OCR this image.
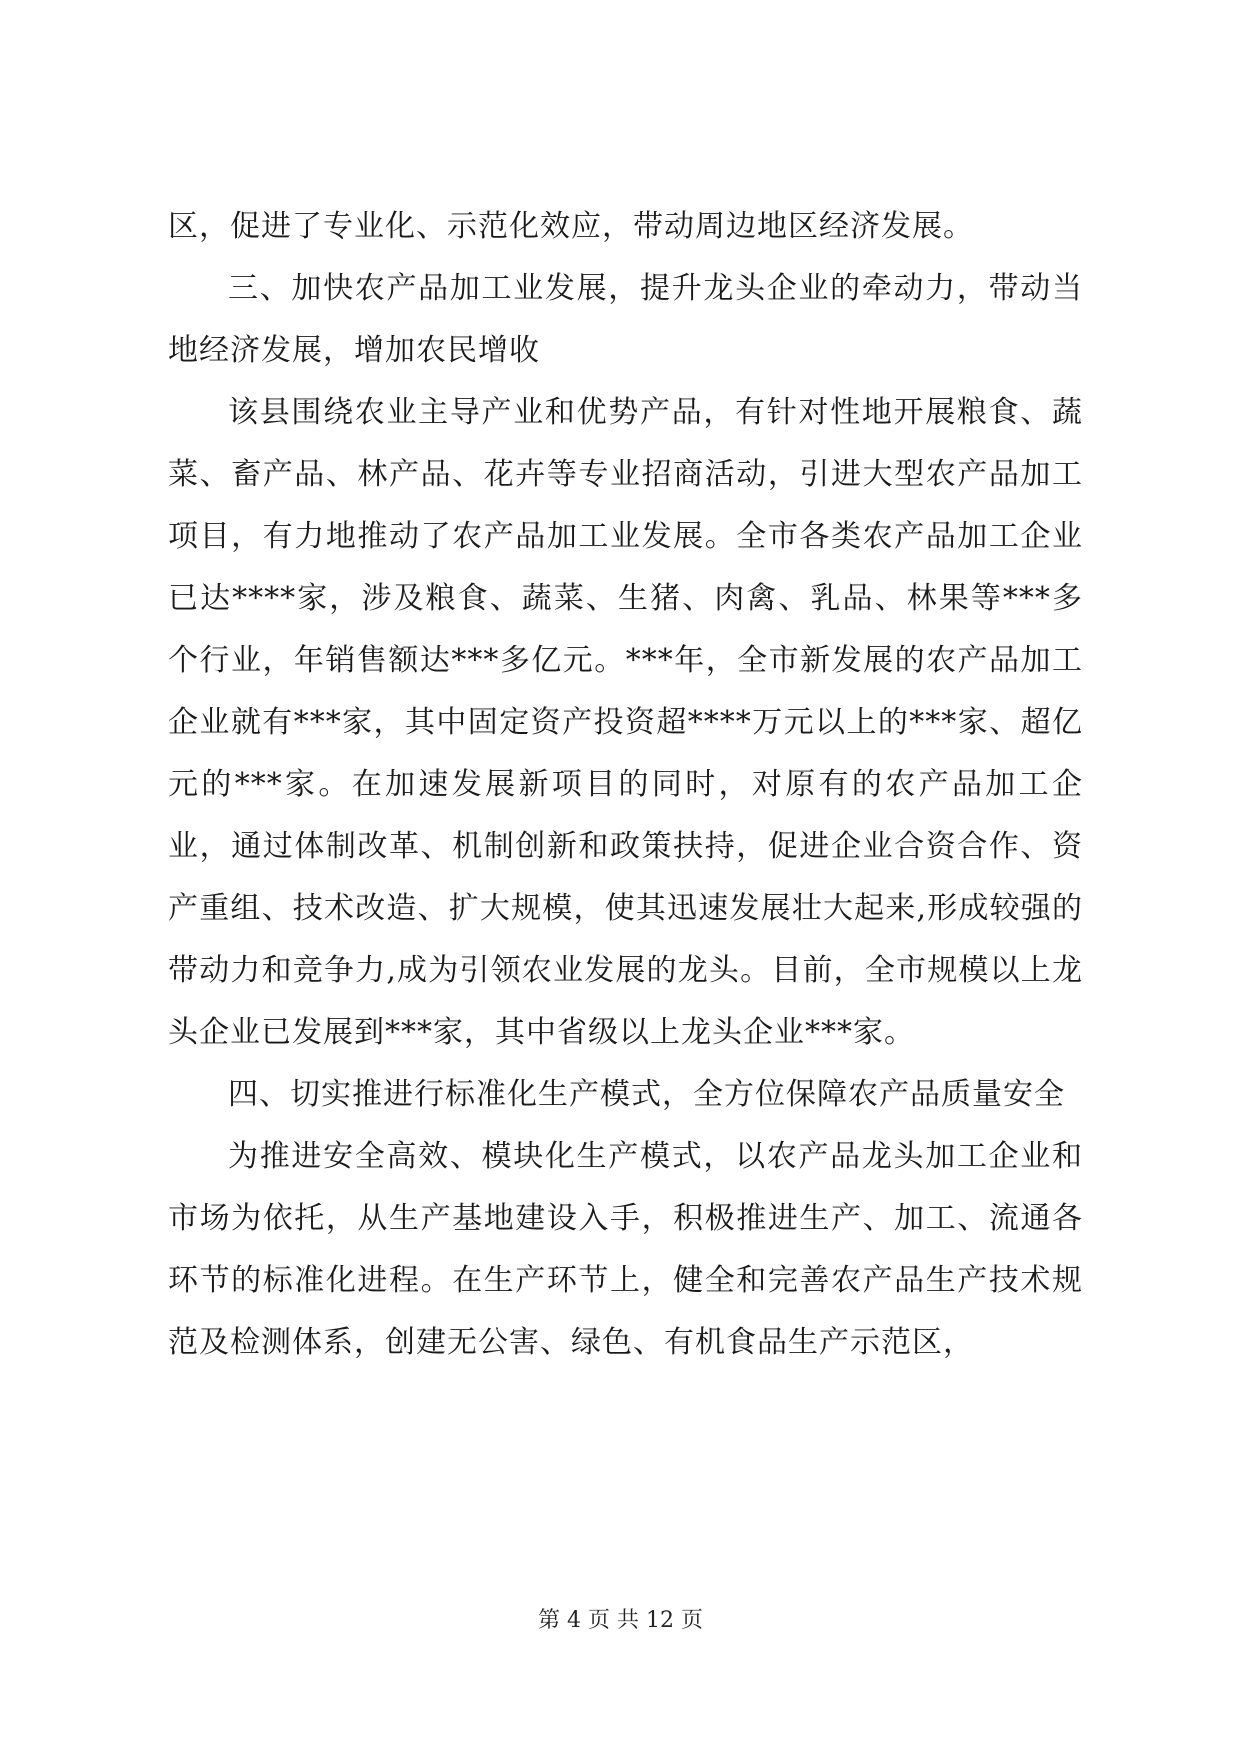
区，促进了专业化、示范化效应，带动周边地区经济发展。

三、加快农产品加工业发展，提升龙头企业的牵动力，带动当地经济发展，增加农民增收

该县围绕农业主导产业和优势产品，有针对性地开展粮食、蔬菜、畜产品、林产品、花卉等专业招商活动，引进大型农产品加工项目，有力地推动了农产品加工业发展。全市各类农产品加工企业已达****家，涉及粮食、蔬菜、生猪、肉禽、乳品、林果等***多个行业，年销售额达***多亿元。***年，全市新发展的农产品加工企业就有***家，其中固定资产投资超****万元以上的***家、超亿元的***家。在加速发展新项目的同时，对原有的农产品加工企业，通过体制改革、机制创新和政策扶持，促进企业合资合作、资产重组、技术改造、扩大规模，使其迅速发展壮大起来,形成较强的带动力和竞争力,成为引领农业发展的龙头。目前，全市规模以上龙头企业已发展到***家，其中省级以上龙头企业***家。

四、切实推进行标准化生产模式，全方位保障农产品质量安全

为推进安全高效、模块化生产模式，以农产品龙头加工企业和市场为依托，从生产基地建设入手，积极推进生产、加工、流通各环节的标准化进程。在生产环节上，健全和完善农产品生产技术规范及检测体系，创建无公害、绿色、有机食品生产示范区，

第 4 页 共 12 页
